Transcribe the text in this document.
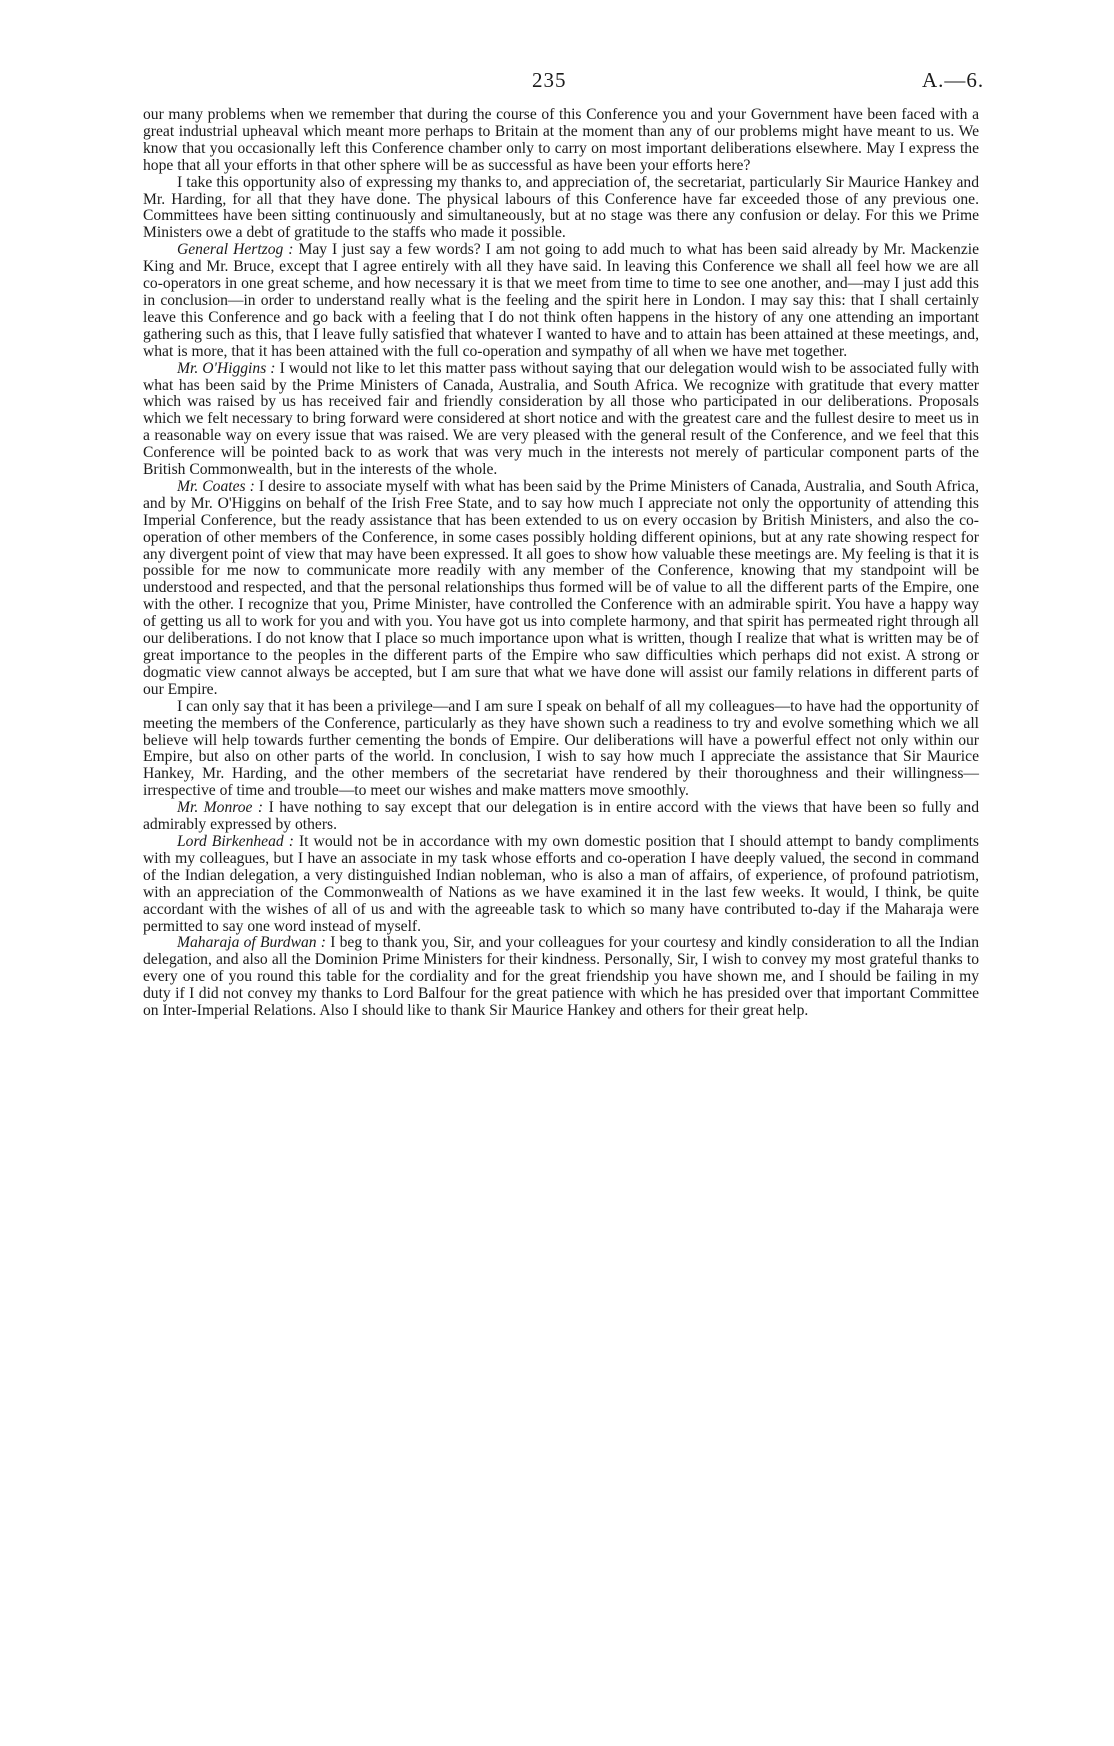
235	A.—6.

our many problems when we remember that during the course of this Conference you and your Government have been faced with a great industrial upheaval which meant more perhaps to Britain at the moment than any of our problems might have meant to us. We know that you occasionally left this Conference chamber only to carry on most important deliberations elsewhere. May I express the hope that all your efforts in that other sphere will be as successful as have been your efforts here?

I take this opportunity also of expressing my thanks to, and appreciation of, the secretariat, particularly Sir Maurice Hankey and Mr. Harding, for all that they have done. The physical labours of this Conference have far exceeded those of any previous one. Committees have been sitting continuously and simultaneously, but at no stage was there any confusion or delay. For this we Prime Ministers owe a debt of gratitude to the staffs who made it possible.

General Hertzog : May I just say a few words? I am not going to add much to what has been said already by Mr. Mackenzie King and Mr. Bruce, except that I agree entirely with all they have said. In leaving this Conference we shall all feel how we are all co-operators in one great scheme, and how necessary it is that we meet from time to time to see one another, and—may I just add this in conclusion—in order to understand really what is the feeling and the spirit here in London. I may say this: that I shall certainly leave this Conference and go back with a feeling that I do not think often happens in the history of any one attending an important gathering such as this, that I leave fully satisfied that whatever I wanted to have and to attain has been attained at these meetings, and, what is more, that it has been attained with the full co-operation and sympathy of all when we have met together.

Mr. O'Higgins : I would not like to let this matter pass without saying that our delegation would wish to be associated fully with what has been said by the Prime Ministers of Canada, Australia, and South Africa. We recognize with gratitude that every matter which was raised by us has received fair and friendly consideration by all those who participated in our deliberations. Proposals which we felt necessary to bring forward were considered at short notice and with the greatest care and the fullest desire to meet us in a reasonable way on every issue that was raised. We are very pleased with the general result of the Conference, and we feel that this Conference will be pointed back to as work that was very much in the interests not merely of particular component parts of the British Commonwealth, but in the interests of the whole.

Mr. Coates : I desire to associate myself with what has been said by the Prime Ministers of Canada, Australia, and South Africa, and by Mr. O'Higgins on behalf of the Irish Free State, and to say how much I appreciate not only the opportunity of attending this Imperial Conference, but the ready assistance that has been extended to us on every occasion by British Ministers, and also the co-operation of other members of the Conference, in some cases possibly holding different opinions, but at any rate showing respect for any divergent point of view that may have been expressed. It all goes to show how valuable these meetings are. My feeling is that it is possible for me now to communicate more readily with any member of the Conference, knowing that my standpoint will be understood and respected, and that the personal relationships thus formed will be of value to all the different parts of the Empire, one with the other. I recognize that you, Prime Minister, have controlled the Conference with an admirable spirit. You have a happy way of getting us all to work for you and with you. You have got us into complete harmony, and that spirit has permeated right through all our deliberations. I do not know that I place so much importance upon what is written, though I realize that what is written may be of great importance to the peoples in the different parts of the Empire who saw difficulties which perhaps did not exist. A strong or dogmatic view cannot always be accepted, but I am sure that what we have done will assist our family relations in different parts of our Empire.

I can only say that it has been a privilege—and I am sure I speak on behalf of all my colleagues—to have had the opportunity of meeting the members of the Conference, particularly as they have shown such a readiness to try and evolve something which we all believe will help towards further cementing the bonds of Empire. Our deliberations will have a powerful effect not only within our Empire, but also on other parts of the world. In conclusion, I wish to say how much I appreciate the assistance that Sir Maurice Hankey, Mr. Harding, and the other members of the secretariat have rendered by their thoroughness and their willingness—irrespective of time and trouble—to meet our wishes and make matters move smoothly.

Mr. Monroe : I have nothing to say except that our delegation is in entire accord with the views that have been so fully and admirably expressed by others.

Lord Birkenhead : It would not be in accordance with my own domestic position that I should attempt to bandy compliments with my colleagues, but I have an associate in my task whose efforts and co-operation I have deeply valued, the second in command of the Indian delegation, a very distinguished Indian nobleman, who is also a man of affairs, of experience, of profound patriotism, with an appreciation of the Commonwealth of Nations as we have examined it in the last few weeks. It would, I think, be quite accordant with the wishes of all of us and with the agreeable task to which so many have contributed to-day if the Maharaja were permitted to say one word instead of myself.

Maharaja of Burdwan : I beg to thank you, Sir, and your colleagues for your courtesy and kindly consideration to all the Indian delegation, and also all the Dominion Prime Ministers for their kindness. Personally, Sir, I wish to convey my most grateful thanks to every one of you round this table for the cordiality and for the great friendship you have shown me, and I should be failing in my duty if I did not convey my thanks to Lord Balfour for the great patience with which he has presided over that important Committee on Inter-Imperial Relations. Also I should like to thank Sir Maurice Hankey and others for their great help.
